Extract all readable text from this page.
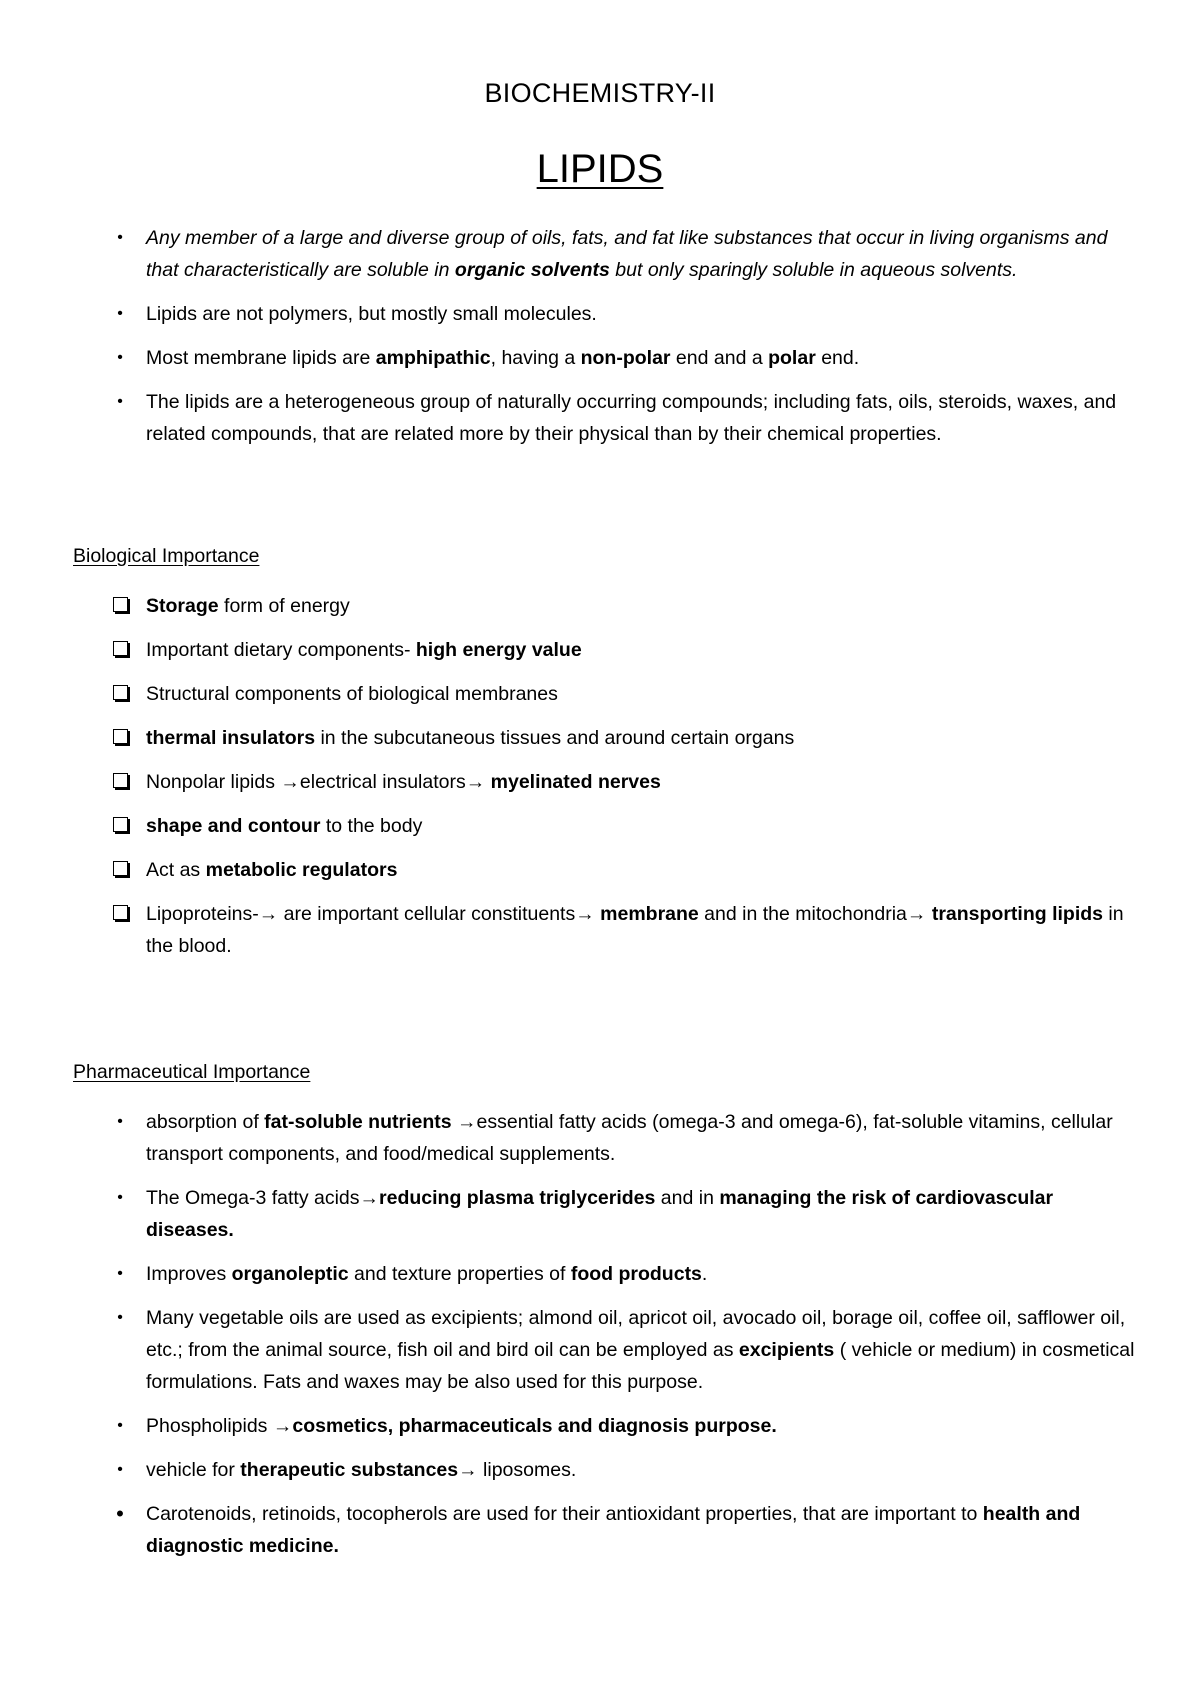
BIOCHEMISTRY-II
LIPIDS
•	Any member of a large and diverse group of oils, fats, and fat like substances that occur in living organisms and that characteristically are soluble in organic solvents but only sparingly soluble in aqueous solvents.
•	Lipids are not polymers, but mostly small molecules.
•	Most membrane lipids are amphipathic, having a non-polar end and a polar end.
•	The lipids are a heterogeneous group of naturally occurring compounds; including fats, oils, steroids, waxes, and related compounds, that are related more by their physical than by their chemical properties.
Biological Importance
Storage form of energy
Important dietary components- high energy value
Structural components of biological membranes
thermal insulators in the subcutaneous tissues and around certain organs
Nonpolar lipids →electrical insulators→ myelinated nerves
shape and contour to the body
Act as metabolic regulators
Lipoproteins-→ are important cellular constituents→ membrane and in the mitochondria→ transporting lipids in the blood.
Pharmaceutical Importance
•	absorption of fat-soluble nutrients →essential fatty acids (omega-3 and omega-6), fat-soluble vitamins, cellular transport components, and food/medical supplements.
•	The Omega-3 fatty acids→reducing plasma triglycerides and in managing the risk of cardiovascular diseases.
•	Improves organoleptic and texture properties of food products.
•	Many vegetable oils are used as excipients; almond oil, apricot oil, avocado oil, borage oil, coffee oil, safflower oil, etc.; from the animal source, fish oil and bird oil can be employed as excipients ( vehicle or medium) in cosmetical formulations. Fats and waxes may be also used for this purpose.
•	Phospholipids →cosmetics, pharmaceuticals and diagnosis purpose.
•	vehicle for therapeutic substances→ liposomes.
•	Carotenoids, retinoids, tocopherols are used for their antioxidant properties, that are important to health and diagnostic medicine.
